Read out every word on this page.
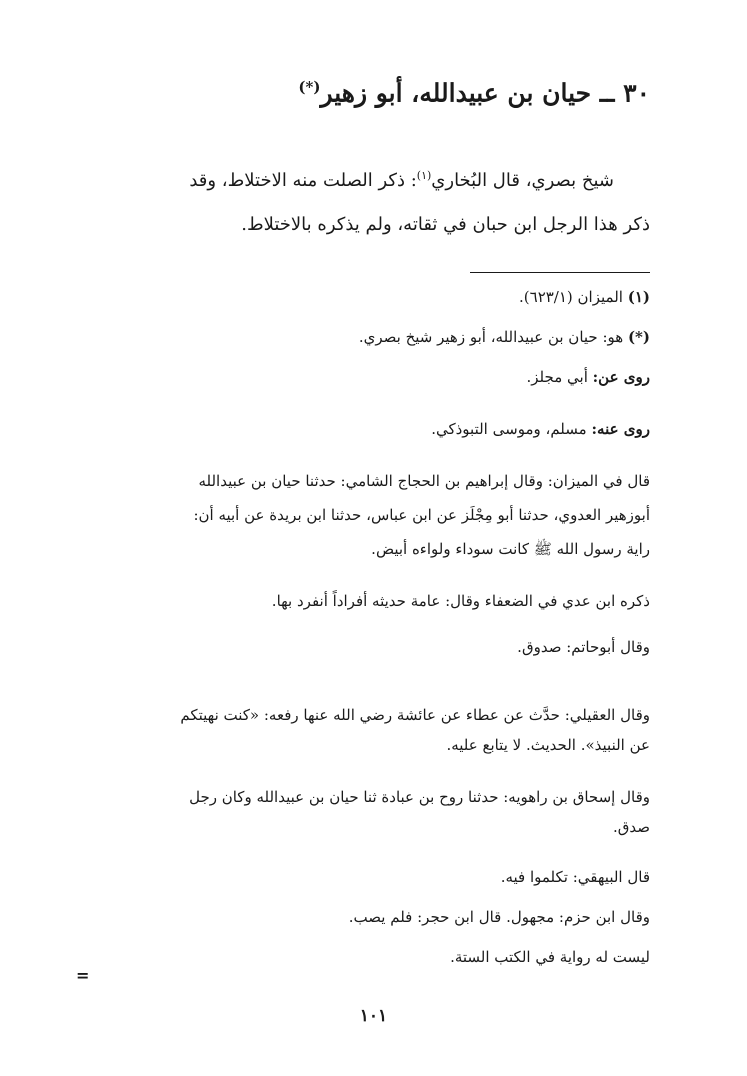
٣٠ ــ حيان بن عبيدالله، أبو زهير(*)

شيخ بصري، قال البُخاري$^{(١)}$: ذكر الصلت منه الاختلاط، وقد

ذكر هذا الرجل ابن حبان في ثقاته، ولم يذكره بالاختلاط.

(١) الميزان (٦٢٣/١).
(*) هو: حيان بن عبيدالله، أبو زهير شيخ بصري.
روى عن: أبي مجلز.
روى عنه: مسلم، وموسى التبوذكي.
قال في الميزان: وقال إبراهيم بن الحجاج الشامي: حدثنا حيان بن عبيدالله
أبوزهير العدوي، حدثنا أبو مِجْلَز عن ابن عباس، حدثنا ابن بريدة عن أبيه أن:
راية رسول الله ﷺ كانت سوداء ولواءه أبيض.
ذكره ابن عدي في الضعفاء وقال: عامة حديثه أفراداً أنفرد بها.
وقال أبوحاتم: صدوق.
وقال العقيلي: حدَّث عن عطاء عن عائشة رضي الله عنها رفعه: «كنت نهيتكم
عن النبيذ». الحديث. لا يتابع عليه.
وقال إسحاق بن راهويه: حدثنا روح بن عبادة ثنا حيان بن عبيدالله وكان رجل
صدق.
قال البيهقي: تكلموا فيه.
وقال ابن حزم: مجهول. قال ابن حجر: فلم يصب.
ليست له رواية في الكتب الستة.
=
١٠١
